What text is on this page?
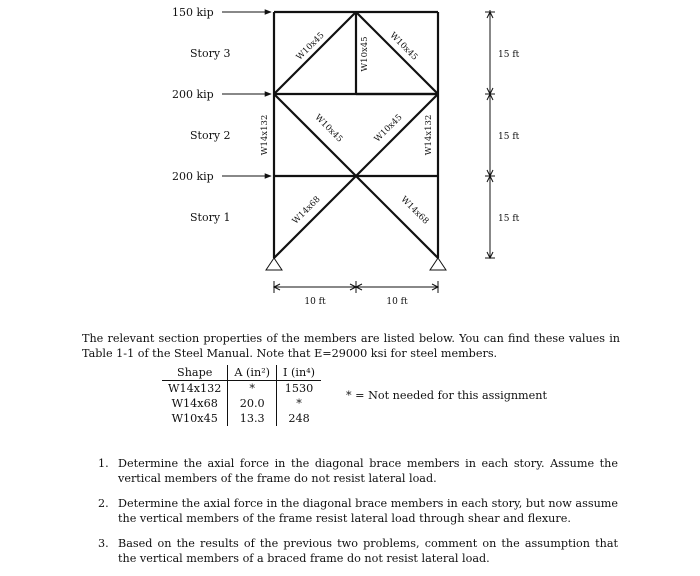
150 kip
200 kip
200 kip
Story 3
Story 2
Story 1
W14x132	W14x132
W10x45
W10x45	W10x45
W10x45	W10x45
W14x68	W14x68
15 ft
15 ft
15 ft
10 ft	10 ft

The relevant section properties of the members are listed below. You can find these values in Table 1-1 of the Steel Manual. Note that E=29000 ksi for steel members.

Shape	A (in²)	I (in⁴)
W14x132	*	1530
W14x68	20.0	*
W10x45	13.3	248
* = Not needed for this assignment
1. Determine the axial force in the diagonal brace members in each story. Assume the vertical members of the frame do not resist lateral load.
2. Determine the axial force in the diagonal brace members in each story, but now assume the vertical members of the frame resist lateral load through shear and flexure.
3. Based on the results of the previous two problems, comment on the assumption that the vertical members of a braced frame do not resist lateral load.
